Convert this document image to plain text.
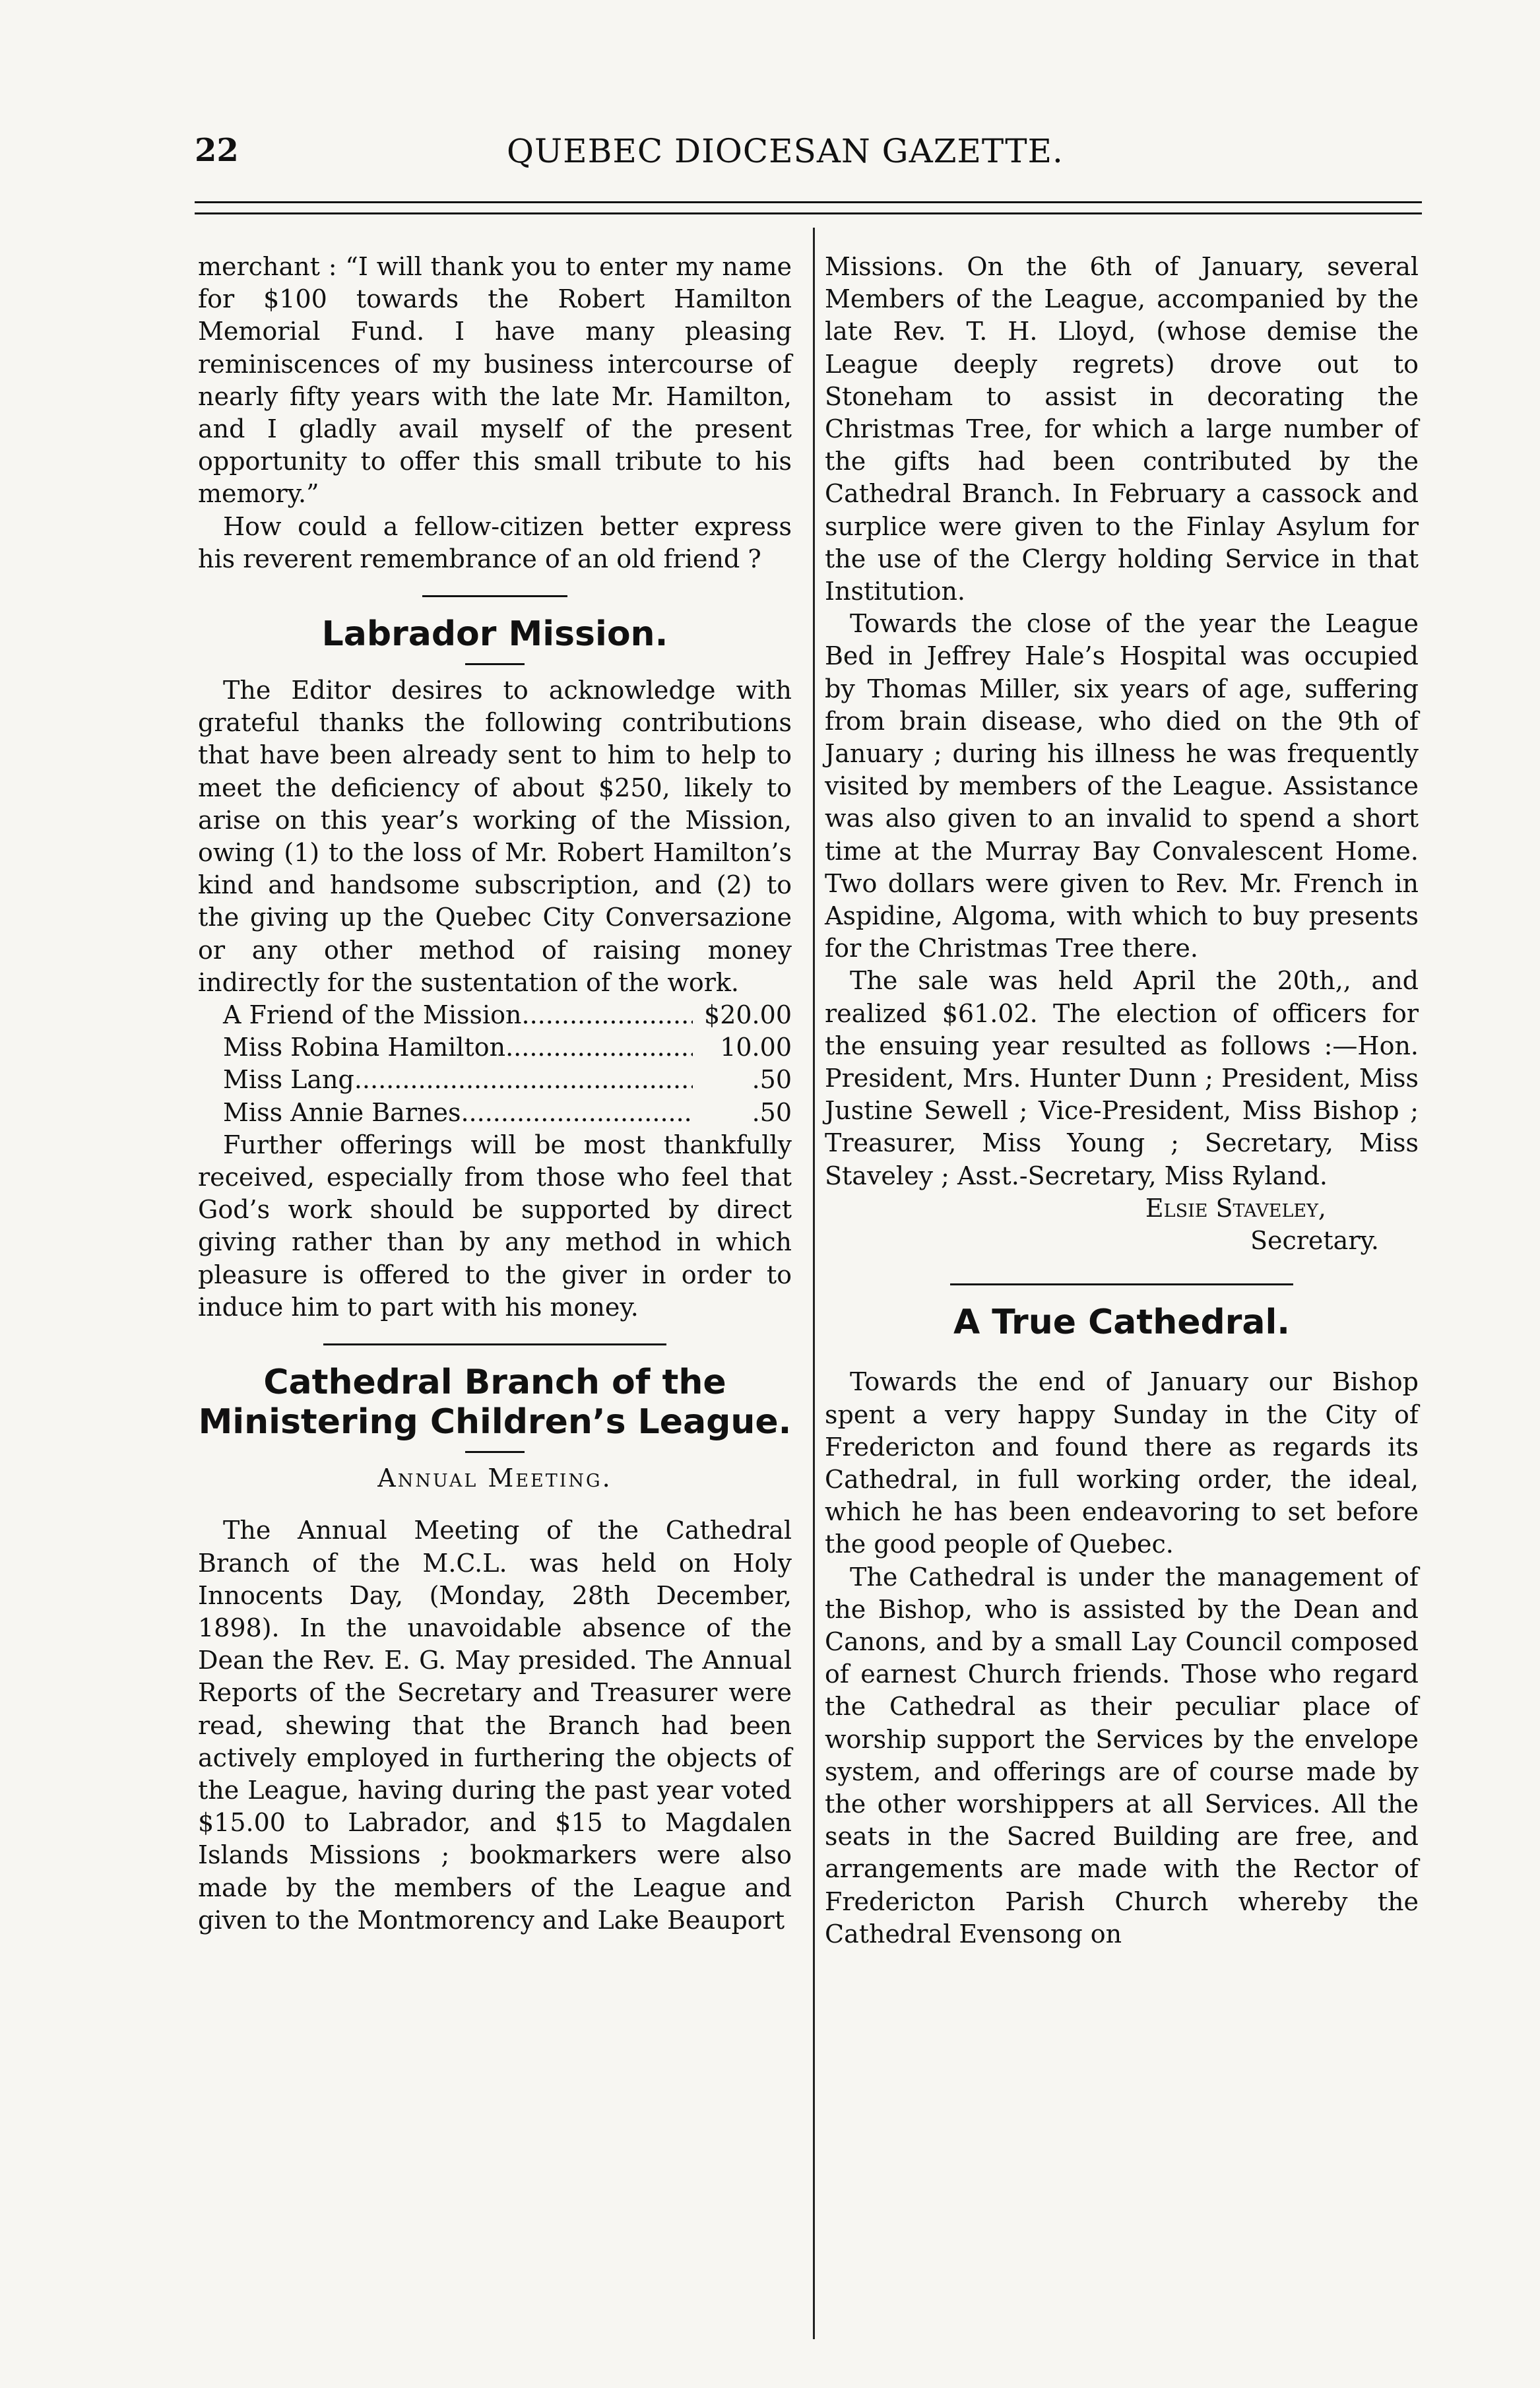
QUEBEC DIOCESAN GAZETTE.
22

merchant : “I will thank you to enter my name for $100 towards the Robert Hamilton Memorial Fund. I have many pleasing reminiscences of my business intercourse of nearly fifty years with the late Mr. Hamilton, and I gladly avail myself of the present opportunity to offer this small tribute to his memory.”

How could a fellow-citizen better express his reverent remembrance of an old friend ?

Labrador Mission.

The Editor desires to acknowledge with grateful thanks the following contributions that have been already sent to him to help to meet the deficiency of about $250, likely to arise on this year’s working of the Mission, owing (1) to the loss of Mr. Robert Hamilton’s kind and handsome subscription, and (2) to the giving up the Quebec City Conversazione or any other method of raising money indirectly for the sustentation of the work.

A Friend of the Mission .....	$20.00
Miss Robina Hamilton .....	10.00
Miss Lang .....	.50
Miss Annie Barnes .....	.50

Further offerings will be most thankfully received, especially from those who feel that God’s work should be supported by direct giving rather than by any method in which pleasure is offered to the giver in order to induce him to part with his money.

Cathedral Branch of the Ministering Children’s League.
Annual Meeting.

The Annual Meeting of the Cathedral Branch of the M.C.L. was held on Holy Innocents Day, (Monday, 28th December, 1898). In the unavoidable absence of the Dean the Rev. E. G. May presided. The Annual Reports of the Secretary and Treasurer were read, shewing that the Branch had been actively employed in furthering the objects of the League, having during the past year voted $15.00 to Labrador, and $15 to Magdalen Islands Missions ; bookmarkers were also made by the members of the League and given to the Montmorency and Lake Beauport

Missions. On the 6th of January, several Members of the League, accompanied by the late Rev. T. H. Lloyd, (whose demise the League deeply regrets) drove out to Stoneham to assist in decorating the Christmas Tree, for which a large number of the gifts had been contributed by the Cathedral Branch. In February a cassock and surplice were given to the Finlay Asylum for the use of the Clergy holding Service in that Institution.

Towards the close of the year the League Bed in Jeffrey Hale’s Hospital was occupied by Thomas Miller, six years of age, suffering from brain disease, who died on the 9th of January ; during his illness he was frequently visited by members of the League. Assistance was also given to an invalid to spend a short time at the Murray Bay Convalescent Home. Two dollars were given to Rev. Mr. French in Aspidine, Algoma, with which to buy presents for the Christmas Tree there.

The sale was held April the 20th,, and realized $61.02. The election of officers for the ensuing year resulted as follows :—Hon. President, Mrs. Hunter Dunn ; President, Miss Justine Sewell ; Vice-President, Miss Bishop ; Treasurer, Miss Young ; Secretary, Miss Staveley ; Asst.-Secretary, Miss Ryland.

Elsie Staveley,
Secretary.
A True Cathedral.

Towards the end of January our Bishop spent a very happy Sunday in the City of Fredericton and found there as regards its Cathedral, in full working order, the ideal, which he has been endeavoring to set before the good people of Quebec.

The Cathedral is under the management of the Bishop, who is assisted by the Dean and Canons, and by a small Lay Council composed of earnest Church friends. Those who regard the Cathedral as their peculiar place of worship support the Services by the envelope system, and offerings are of course made by the other worshippers at all Services. All the seats in the Sacred Building are free, and arrangements are made with the Rector of Fredericton Parish Church whereby the Cathedral Evensong on
